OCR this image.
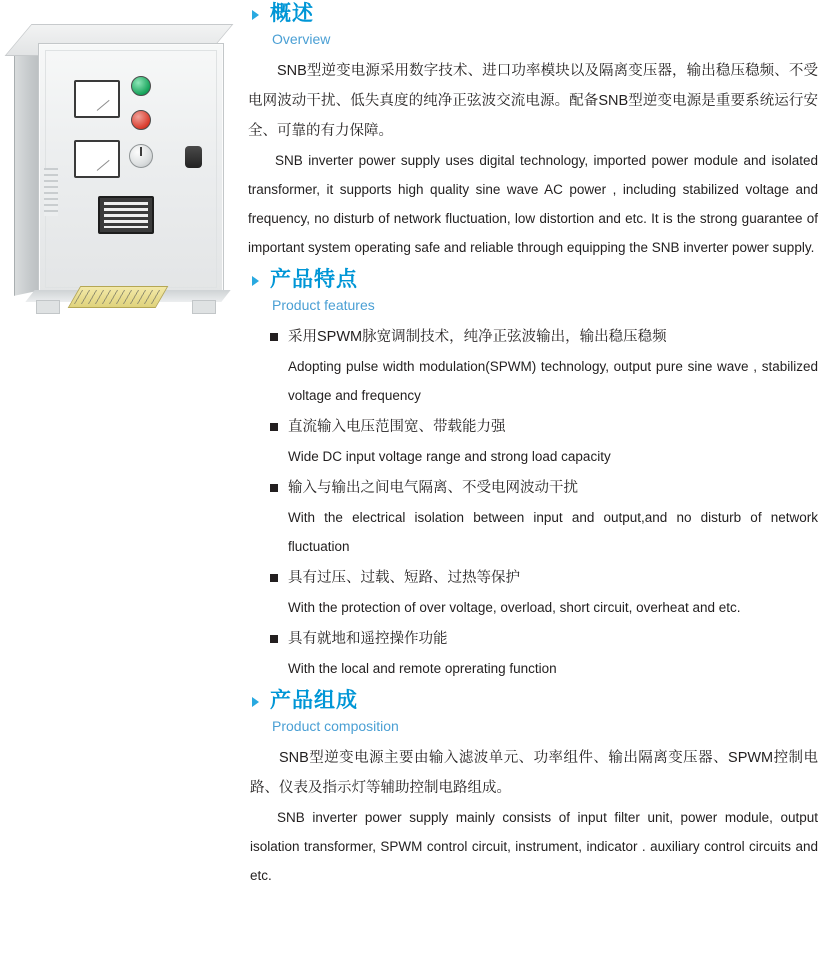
概述
Overview

SNB型逆变电源采用数字技术、进口功率模块以及隔离变压器，输出稳压稳频、不受电网波动干扰、低失真度的纯净正弦波交流电源。配备SNB型逆变电源是重要系统运行安全、可靠的有力保障。

SNB inverter power supply uses digital technology, imported power module and isolated transformer, it supports high quality sine wave AC power , including stabilized voltage and frequency, no disturb of network fluctuation, low distortion and etc. It is the strong guarantee of important system operating safe and reliable through equipping the SNB inverter power supply.

产品特点
Product features
采用SPWM脉宽调制技术，纯净正弦波输出，输出稳压稳频
Adopting pulse width modulation(SPWM) technology, output pure sine wave , stabilized voltage and frequency
直流输入电压范围宽、带载能力强
Wide DC input voltage range and strong load capacity
输入与输出之间电气隔离、不受电网波动干扰
With the electrical isolation between input and output,and no disturb of network fluctuation
具有过压、过载、短路、过热等保护
With the protection of over voltage, overload, short circuit, overheat and etc.
具有就地和遥控操作功能
With the local and remote oprerating function
产品组成
Product composition

SNB型逆变电源主要由输入滤波单元、功率组件、输出隔离变压器、SPWM控制电路、仪表及指示灯等辅助控制电路组成。

SNB inverter power supply mainly consists of input filter unit, power module, output isolation transformer, SPWM control circuit, instrument, indicator . auxiliary control circuits and etc.
